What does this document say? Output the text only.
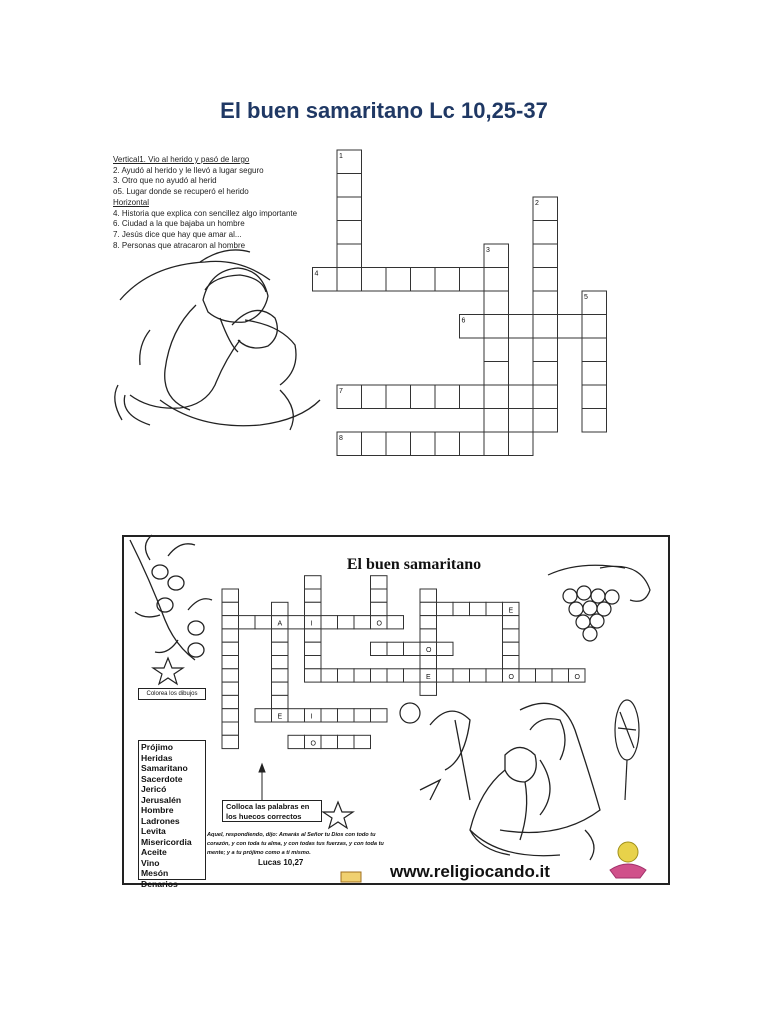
El buen samaritano Lc 10,25-37
Vertical1. Vio al herido y pasó de largo
2. Ayudó al herido y le llevó a lugar seguro
3. Otro que no ayudó al herid
o5. Lugar donde se recuperó el herido
Horizontal
4. Historia que explica con sencillez algo importante
6. Ciudad a la que bajaba un hombre
7. Jesús dice que hay que amar al...
8. Personas que atracaron al hombre
1
2
3
4
5
6
7
8
A	I	O
E
O
E	O	O
E	I
O
El buen samaritano
Colorea los dibujos
Prójimo
Heridas
Samaritano
Sacerdote
Jericó
Jerusalén
Hombre
Ladrones
Levita
Misericordia
Aceite
Vino
Mesón
Denarios
Colloca las palabras en los huecos correctos
Aquel, respondiendo, dijo: Amarás al Señor tu Dios con todo tu corazón, y con toda tu alma, y con todas tus fuerzas, y con toda tu mente; y a tu prójimo como a ti mismo.
Lucas 10,27	www.religiocando.it
